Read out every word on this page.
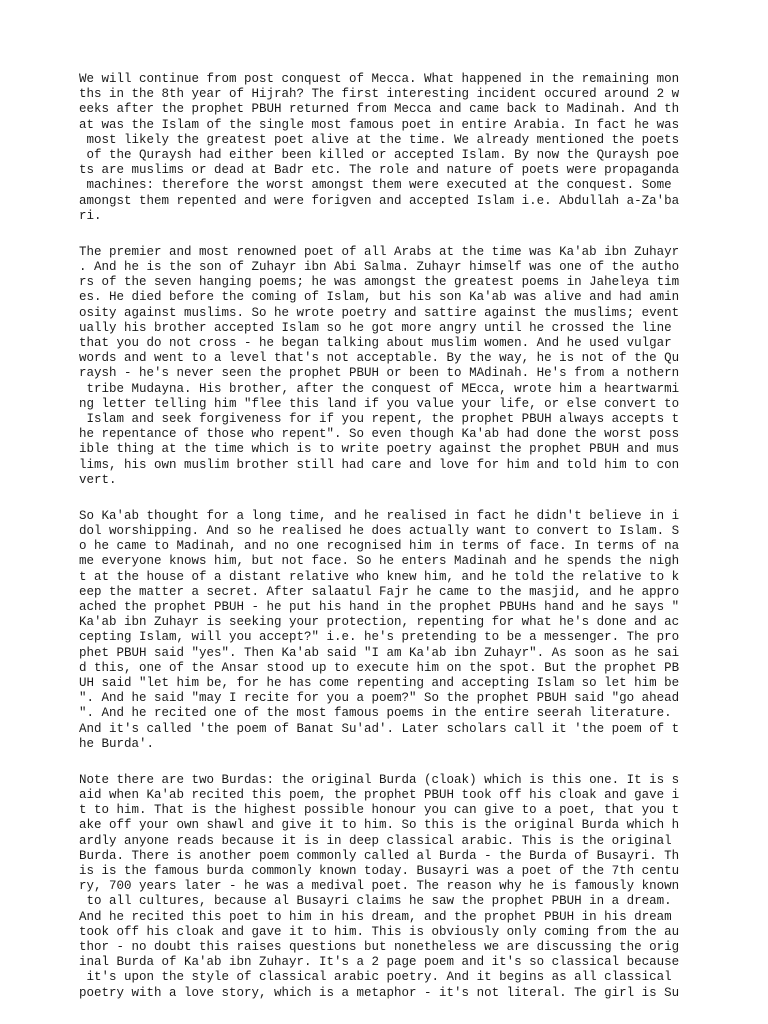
We will continue from post conquest of Mecca. What happened in the remaining mon
ths in the 8th year of Hijrah? The first interesting incident occured around 2 w
eeks after the prophet PBUH returned from Mecca and came back to Madinah. And th
at was the Islam of the single most famous poet in entire Arabia. In fact he was
most likely the greatest poet alive at the time. We already mentioned the poets
of the Quraysh had either been killed or accepted Islam. By now the Quraysh poe
ts are muslims or dead at Badr etc. The role and nature of poets were propaganda
machines: therefore the worst amongst them were executed at the conquest. Some
amongst them repented and were forigven and accepted Islam i.e. Abdullah a-Za'ba
ri.
The premier and most renowned poet of all Arabs at the time was Ka'ab ibn Zuhayr
. And he is the son of Zuhayr ibn Abi Salma. Zuhayr himself was one of the autho
rs of the seven hanging poems; he was amongst the greatest poems in Jaheleya tim
es. He died before the coming of Islam, but his son Ka'ab was alive and had amin
osity against muslims. So he wrote poetry and sattire against the muslims; event
ually his brother accepted Islam so he got more angry until he crossed the line
that you do not cross - he began talking about muslim women. And he used vulgar
words and went to a level that's not acceptable. By the way, he is not of the Qu
raysh - he's never seen the prophet PBUH or been to MAdinah. He's from a nothern
tribe Mudayna. His brother, after the conquest of MEcca, wrote him a heartwarmi
ng letter telling him "flee this land if you value your life, or else convert to
Islam and seek forgiveness for if you repent, the prophet PBUH always accepts t
he repentance of those who repent". So even though Ka'ab had done the worst poss
ible thing at the time which is to write poetry against the prophet PBUH and mus
lims, his own muslim brother still had care and love for him and told him to con
vert.
So Ka'ab thought for a long time, and he realised in fact he didn't believe in i
dol worshipping. And so he realised he does actually want to convert to Islam. S
o he came to Madinah, and no one recognised him in terms of face. In terms of na
me everyone knows him, but not face. So he enters Madinah and he spends the nigh
t at the house of a distant relative who knew him, and he told the relative to k
eep the matter a secret. After salaatul Fajr he came to the masjid, and he appro
ached the prophet PBUH - he put his hand in the prophet PBUHs hand and he says "
Ka'ab ibn Zuhayr is seeking your protection, repenting for what he's done and ac
cepting Islam, will you accept?" i.e. he's pretending to be a messenger. The pro
phet PBUH said "yes". Then Ka'ab said "I am Ka'ab ibn Zuhayr". As soon as he sai
d this, one of the Ansar stood up to execute him on the spot. But the prophet PB
UH said "let him be, for he has come repenting and accepting Islam so let him be
". And he said "may I recite for you a poem?" So the prophet PBUH said "go ahead
". And he recited one of the most famous poems in the entire seerah literature.
And it's called 'the poem of Banat Su'ad'. Later scholars call it 'the poem of t
he Burda'.
Note there are two Burdas: the original Burda (cloak) which is this one. It is s
aid when Ka'ab recited this poem, the prophet PBUH took off his cloak and gave i
t to him. That is the highest possible honour you can give to a poet, that you t
ake off your own shawl and give it to him. So this is the original Burda which h
ardly anyone reads because it is in deep classical arabic. This is the original
Burda. There is another poem commonly called al Burda - the Burda of Busayri. Th
is is the famous burda commonly known today. Busayri was a poet of the 7th centu
ry, 700 years later - he was a medival poet. The reason why he is famously known
to all cultures, because al Busayri claims he saw the prophet PBUH in a dream.
And he recited this poet to him in his dream, and the prophet PBUH in his dream
took off his cloak and gave it to him. This is obviously only coming from the au
thor - no doubt this raises questions but nonetheless we are discussing the orig
inal Burda of Ka'ab ibn Zuhayr. It's a 2 page poem and it's so classical because
it's upon the style of classical arabic poetry. And it begins as all classical
poetry with a love story, which is a metaphor - it's not literal. The girl is Su
